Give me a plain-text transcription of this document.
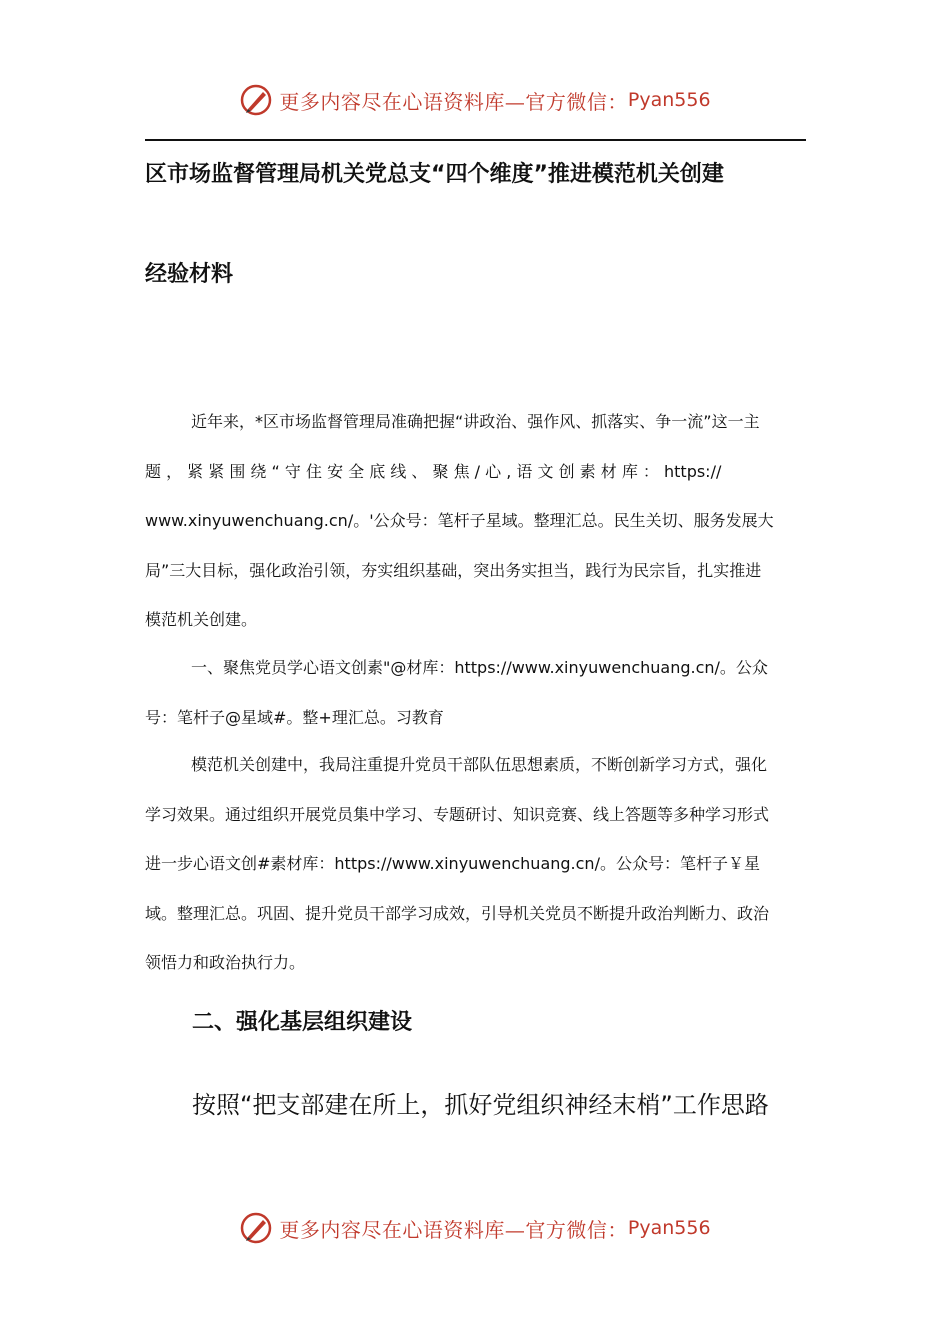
更多内容尽在心语资料库—官方微信： Pyan556
区市场监督管理局机关党总支“四个维度”推进模范机关创建
经验材料
近年来，*区市场监督管理局准确把握“讲政治、强作风、抓落实、争一流”这一主
题 ， 紧 紧 围 绕 “ 守 住 安 全 底 线 、 聚 焦 / 心 , 语 文 创 素 材 库 ： https://
www.xinyuwenchuang.cn/。'公众号：笔杆子星域。整理汇总。民生关切、服务发展大
局”三大目标，强化政治引领，夯实组织基础，突出务实担当，践行为民宗旨，扎实推进
模范机关创建。
一、聚焦党员学心语文创素"@材库：https://www.xinyuwenchuang.cn/。公众
号：笔杆子@星域#。整+理汇总。习教育
模范机关创建中，我局注重提升党员干部队伍思想素质，不断创新学习方式，强化
学习效果。通过组织开展党员集中学习、专题研讨、知识竞赛、线上答题等多种学习形式
进一步心语文创#素材库：https://www.xinyuwenchuang.cn/。公众号：笔杆子￥星
域。整理汇总。巩固、提升党员干部学习成效，引导机关党员不断提升政治判断力、政治
领悟力和政治执行力。
二、强化基层组织建设
按照“把支部建在所上，抓好党组织神经末梢”工作思路
更多内容尽在心语资料库—官方微信： Pyan556
